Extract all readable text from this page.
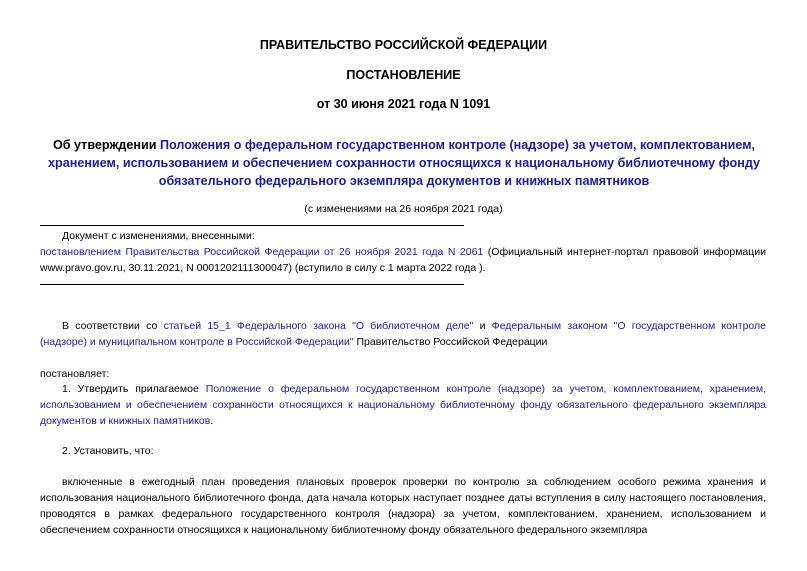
ПРАВИТЕЛЬСТВО РОССИЙСКОЙ ФЕДЕРАЦИИ
ПОСТАНОВЛЕНИЕ
от 30 июня 2021 года N 1091
Об утверждении Положения о федеральном государственном контроле (надзоре) за учетом, комплектованием, хранением, использованием и обеспечением сохранности относящихся к национальному библиотечному фонду обязательного федерального экземпляра документов и книжных памятников
(с изменениями на 26 ноября 2021 года)
Документ с изменениями, внесенными:
постановлением Правительства Российской Федерации от 26 ноября 2021 года N 2061 (Официальный интернет-портал правовой информации www.pravo.gov.ru, 30.11.2021, N 0001202111300047) (вступило в силу с 1 марта 2022 года ).
В соответствии со статьей 15_1 Федерального закона "О библиотечном деле" и Федеральным законом "О государственном контроле (надзоре) и муниципальном контроле в Российской Федерации" Правительство Российской Федерации
постановляет:
1. Утвердить прилагаемое Положение о федеральном государственном контроле (надзоре) за учетом, комплектованием, хранением, использованием и обеспечением сохранности относящихся к национальному библиотечному фонду обязательного федерального экземпляра документов и книжных памятников.
2. Установить, что:
включенные в ежегодный план проведения плановых проверок проверки по контролю за соблюдением особого режима хранения и использования национального библиотечного фонда, дата начала которых наступает позднее даты вступления в силу настоящего постановления, проводятся в рамках федерального государственного контроля (надзора) за учетом, комплектованием, хранением, использованием и обеспечением сохранности относящихся к национальному библиотечному фонду обязательного федерального экземпляра
